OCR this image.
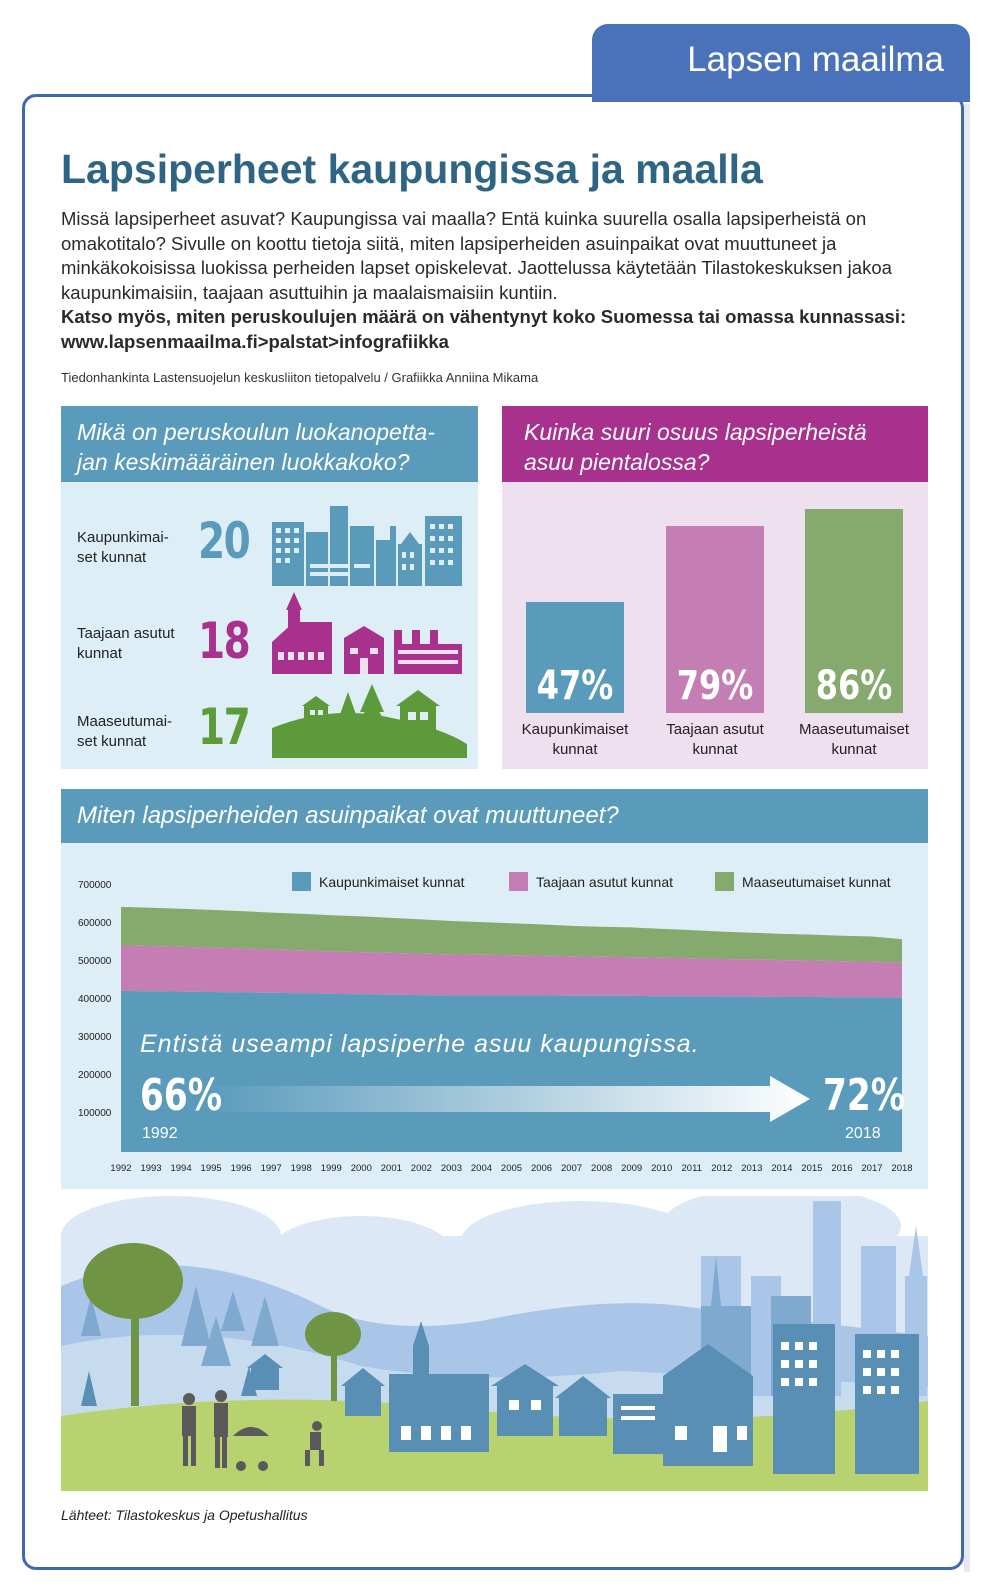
Lapsen maailma
Lapsiperheet kaupungissa ja maalla

Missä lapsiperheet asuvat? Kaupungissa vai maalla? Entä kuinka suurella osalla lapsiperheistä on omakotitalo? Sivulle on koottu tietoja siitä, miten lapsiperheiden asuinpaikat ovat muuttuneet ja minkäkokoisissa luokissa perheiden lapset opiskelevat. Jaottelussa käytetään Tilastokeskuksen jakoa kaupunkimaisiin, taajaan asuttuihin ja maalaismaisiin kuntiin.

Katso myös, miten peruskoulujen määrä on vähentynyt koko Suomessa tai omassa kunnassasi:

www.lapsenmaailma.fi>palstat>infografiikka

Tiedonhankinta Lastensuojelun keskusliiton tietopalvelu / Grafiikka Anniina Mikama
Mikä on peruskoulun luokanopetta-
jan keskimääräinen luokkakoko?
Kaupunkimai-
set kunnat	20
Taajaan asutut
kunnat	18
Maaseutumai-
set kunnat	17
Kuinka suuri osuus lapsiperheistä
asuu pientalossa?
47%
Kaupunkimaiset
kunnat
79%
Taajaan asutut
kunnat
86%
Maaseutumaiset
kunnat
Miten lapsiperheiden asuinpaikat ovat muuttuneet?
Kaupunkimaiset kunnat	Taajaan asutut kunnat	Maaseutumaiset kunnat
100000
200000
300000
400000
500000
600000
700000
1992 1993 1994 1995 1996 1997 1998 1999 2000 2001 2002 2003 2004 2005 2006 2007 2008 2009 2010 2011 2012 2013 2014 2015 2016 2017 2018
Entistä useampi lapsiperhe asuu kaupungissa.
66%
1992
72%
2018
Lähteet: Tilastokeskus ja Opetushallitus
